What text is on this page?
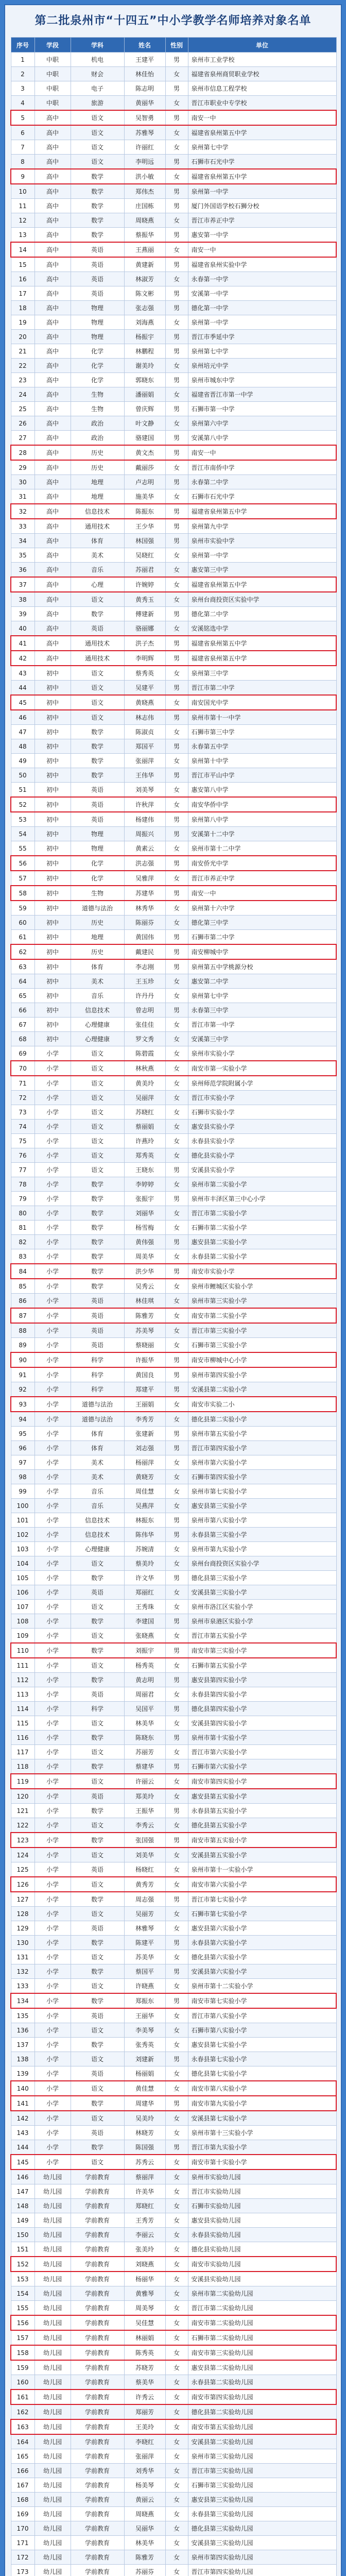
第二批泉州市“十四五”中小学教学名师培养对象名单
序号	学段	学科	姓名	性别	单位
1	中职	机电	王建平	男	泉州市工业学校
2	中职	财会	林佳怡	女	福建省泉州商贸职业学校
3	中职	电子	陈志明	男	泉州市信息工程学校
4	中职	旅游	黄丽华	女	晋江市职业中专学校
5	高中	语文	吴智勇	男	南安一中
6	高中	语文	苏雅琴	女	福建省泉州第五中学
7	高中	语文	许丽红	女	泉州第七中学
8	高中	语文	李明远	男	石狮市石光中学
9	高中	数学	洪小敏	女	福建省泉州第五中学
10	高中	数学	郑伟杰	男	泉州第一中学
11	高中	数学	庄国栋	男	厦门外国语学校石狮分校
12	高中	数学	周晓燕	女	晋江市养正中学
13	高中	数学	蔡振华	男	惠安第一中学
14	高中	英语	王燕丽	女	南安一中
15	高中	英语	黄建新	男	福建省泉州实验中学
16	高中	英语	林淑芳	女	永春第一中学
17	高中	英语	陈文彬	男	安溪第一中学
18	高中	物理	张志强	男	德化第一中学
19	高中	物理	刘海燕	女	泉州第一中学
20	高中	物理	杨振宇	男	晋江市季延中学
21	高中	化学	林鹏程	男	泉州第七中学
22	高中	化学	谢美玲	女	泉州培元中学
23	高中	化学	郭晓东	男	泉州市城东中学
24	高中	生物	潘丽娟	女	福建省晋江市第一中学
25	高中	生物	曾庆辉	男	石狮市第一中学
26	高中	政治	叶文静	女	泉州第六中学
27	高中	政治	骆建国	男	安溪第八中学
28	高中	历史	黄文杰	男	南安一中
29	高中	历史	戴丽莎	女	晋江市南侨中学
30	高中	地理	卢志明	男	永春第二中学
31	高中	地理	施美华	女	石狮市石光中学
32	高中	信息技术	陈振东	男	福建省泉州第五中学
33	高中	通用技术	王少华	男	泉州第九中学
34	高中	体育	林国强	男	泉州市实验中学
35	高中	美术	吴晓红	女	泉州第一中学
36	高中	音乐	苏丽君	女	惠安第三中学
37	高中	心理	许婉婷	女	福建省泉州第五中学
38	高中	语文	黄秀玉	女	泉州台商投资区实验中学
39	高中	数学	傅建新	男	德化第二中学
40	高中	英语	骆丽娜	女	安溪铭选中学
41	高中	通用技术	洪子杰	男	福建省泉州第五中学
42	高中	通用技术	李明辉	男	福建省泉州第五中学
43	初中	语文	蔡秀英	女	泉州第三中学
44	初中	语文	吴建平	男	晋江市第二中学
45	初中	语文	黄晓燕	女	南安国光中学
46	初中	语文	林志伟	男	泉州市第十一中学
47	初中	数学	陈淑贞	女	石狮市第三中学
48	初中	数学	郑国平	男	永春第五中学
49	初中	数学	张丽萍	女	泉州第十中学
50	初中	数学	王伟华	男	晋江市平山中学
51	初中	英语	刘美琴	女	惠安第八中学
52	初中	英语	许秋萍	女	南安华侨中学
53	初中	英语	杨建伟	男	泉州第八中学
54	初中	物理	周振兴	男	安溪第十二中学
55	初中	物理	黄素云	女	泉州市第十二中学
56	初中	化学	洪志强	男	南安侨光中学
57	初中	化学	吴雅萍	女	晋江市养正中学
58	初中	生物	苏建华	男	南安一中
59	初中	道德与法治	林秀华	女	泉州第十六中学
60	初中	历史	陈丽芬	女	德化第三中学
61	初中	地理	黄国伟	男	石狮市第二中学
62	初中	历史	戴建民	男	南安柳城中学
63	初中	体育	李志刚	男	泉州第五中学桃源分校
64	初中	美术	王玉珍	女	惠安第二中学
65	初中	音乐	许丹丹	女	泉州第七中学
66	初中	信息技术	曾志明	男	永春第三中学
67	初中	心理健康	张佳佳	女	晋江市第一中学
68	初中	心理健康	罗文秀	女	安溪第三中学
69	小学	语文	陈碧霞	女	泉州市实验小学
70	小学	语文	林秋燕	女	南安市第一实验小学
71	小学	语文	黄美玲	女	泉州师范学院附属小学
72	小学	语文	吴丽萍	女	晋江市实验小学
73	小学	语文	苏晓红	女	石狮市实验小学
74	小学	语文	蔡丽娟	女	惠安县实验小学
75	小学	语文	许燕玲	女	永春县实验小学
76	小学	语文	郑秀英	女	德化县实验小学
77	小学	语文	王晓东	男	安溪县实验小学
78	小学	数学	李婷婷	女	泉州市第二实验小学
79	小学	数学	张振宇	男	泉州市丰泽区第三中心小学
80	小学	数学	刘丽华	女	晋江市第二实验小学
81	小学	数学	杨雪梅	女	石狮市第二实验小学
82	小学	数学	黄伟强	男	惠安县第二实验小学
83	小学	数学	周美华	女	永春县第二实验小学
84	小学	数学	洪少华	男	南安市实验小学
85	小学	数学	吴秀云	女	泉州市鲤城区实验小学
86	小学	英语	林佳琪	女	泉州市第三实验小学
87	小学	英语	陈雅芳	女	南安市第二实验小学
88	小学	英语	苏美琴	女	晋江市第三实验小学
89	小学	英语	蔡晓丽	女	石狮市第三实验小学
90	小学	科学	许振华	男	南安市柳城中心小学
91	小学	科学	黄国良	男	泉州市第四实验小学
92	小学	科学	郑建平	男	安溪县第二实验小学
93	小学	道德与法治	王丽娟	女	南安市实验二小
94	小学	道德与法治	李秀芳	女	德化县第二实验小学
95	小学	体育	张建新	男	泉州市第五实验小学
96	小学	体育	刘志强	男	晋江市第四实验小学
97	小学	美术	杨丽萍	女	泉州市第六实验小学
98	小学	美术	黄晓芳	女	石狮市第四实验小学
99	小学	音乐	周佳慧	女	泉州市第七实验小学
100	小学	音乐	吴燕萍	女	惠安县第三实验小学
101	小学	信息技术	林振东	男	泉州市第八实验小学
102	小学	信息技术	陈伟华	男	永春县第三实验小学
103	小学	心理健康	苏婉清	女	泉州市第九实验小学
104	小学	语文	蔡美玲	女	泉州台商投资区实验小学
105	小学	数学	许文华	男	德化县第三实验小学
106	小学	英语	郑丽红	女	安溪县第三实验小学
107	小学	语文	王秀珠	女	泉州市洛江区实验小学
108	小学	数学	李建国	男	泉州市泉港区实验小学
109	小学	语文	张晓燕	女	晋江市第五实验小学
110	小学	数学	刘振宇	男	南安市第三实验小学
111	小学	语文	杨秀英	女	石狮市第五实验小学
112	小学	数学	黄志明	男	惠安县第四实验小学
113	小学	英语	周丽君	女	永春县第四实验小学
114	小学	科学	吴国平	男	德化县第四实验小学
115	小学	语文	林美华	女	安溪县第四实验小学
116	小学	数学	陈晓东	男	泉州市第十实验小学
117	小学	语文	苏丽芳	女	晋江市第六实验小学
118	小学	数学	蔡建华	男	石狮市第六实验小学
119	小学	语文	许丽云	女	南安市第四实验小学
120	小学	英语	郑美玲	女	惠安县第五实验小学
121	小学	数学	王振华	男	永春县第五实验小学
122	小学	语文	李秀云	女	德化县第五实验小学
123	小学	数学	张国强	男	南安市第五实验小学
124	小学	语文	刘美华	女	安溪县第五实验小学
125	小学	英语	杨晓红	女	泉州市第十一实验小学
126	小学	语文	黄秀芳	女	南安市第六实验小学
127	小学	数学	周志强	男	晋江市第七实验小学
128	小学	语文	吴丽芳	女	石狮市第七实验小学
129	小学	英语	林雅琴	女	惠安县第六实验小学
130	小学	数学	陈建平	男	永春县第六实验小学
131	小学	语文	苏美华	女	德化县第六实验小学
132	小学	数学	蔡国平	男	安溪县第六实验小学
133	小学	语文	许晓燕	女	泉州市第十二实验小学
134	小学	数学	郑振东	男	南安市第七实验小学
135	小学	英语	王丽华	女	晋江市第八实验小学
136	小学	语文	李美琴	女	石狮市第八实验小学
137	小学	数学	张秀英	女	惠安县第七实验小学
138	小学	语文	刘建新	男	永春县第七实验小学
139	小学	英语	杨丽娟	女	德化县第七实验小学
140	小学	语文	黄佳慧	女	南安市第八实验小学
141	小学	数学	周建华	男	南安市第九实验小学
142	小学	语文	吴美玲	女	安溪县第七实验小学
143	小学	英语	林晓芳	女	泉州市第十三实验小学
144	小学	数学	陈国强	男	晋江市第九实验小学
145	小学	语文	苏秀云	女	南安市第十实验小学
146	幼儿园	学前教育	蔡丽萍	女	泉州市实验幼儿园
147	幼儿园	学前教育	许美华	女	晋江市实验幼儿园
148	幼儿园	学前教育	郑晓红	女	石狮市实验幼儿园
149	幼儿园	学前教育	王秀芳	女	惠安县实验幼儿园
150	幼儿园	学前教育	李丽云	女	永春县实验幼儿园
151	幼儿园	学前教育	张美玲	女	德化县实验幼儿园
152	幼儿园	学前教育	刘晓燕	女	南安市实验幼儿园
153	幼儿园	学前教育	杨丽华	女	安溪县实验幼儿园
154	幼儿园	学前教育	黄雅琴	女	泉州市第二实验幼儿园
155	幼儿园	学前教育	周美琴	女	晋江市第二实验幼儿园
156	幼儿园	学前教育	吴佳慧	女	南安市第二实验幼儿园
157	幼儿园	学前教育	林丽娟	女	石狮市第二实验幼儿园
158	幼儿园	学前教育	陈秀英	女	南安市第三实验幼儿园
159	幼儿园	学前教育	苏晓芳	女	惠安县第二实验幼儿园
160	幼儿园	学前教育	蔡美华	女	永春县第二实验幼儿园
161	幼儿园	学前教育	许秀云	女	南安市第四实验幼儿园
162	幼儿园	学前教育	郑丽芳	女	德化县第二实验幼儿园
163	幼儿园	学前教育	王美玲	女	南安市第五实验幼儿园
164	幼儿园	学前教育	李晓红	女	安溪县第二实验幼儿园
165	幼儿园	学前教育	张丽萍	女	泉州市第三实验幼儿园
166	幼儿园	学前教育	刘秀华	女	晋江市第三实验幼儿园
167	幼儿园	学前教育	杨美琴	女	石狮市第三实验幼儿园
168	幼儿园	学前教育	黄丽云	女	惠安县第三实验幼儿园
169	幼儿园	学前教育	周晓燕	女	永春县第三实验幼儿园
170	幼儿园	学前教育	吴丽华	女	德化县第三实验幼儿园
171	幼儿园	学前教育	林美华	女	安溪县第三实验幼儿园
172	幼儿园	学前教育	陈雅芳	女	泉州市第四实验幼儿园
173	幼儿园	学前教育	苏丽芬	女	晋江市第四实验幼儿园
